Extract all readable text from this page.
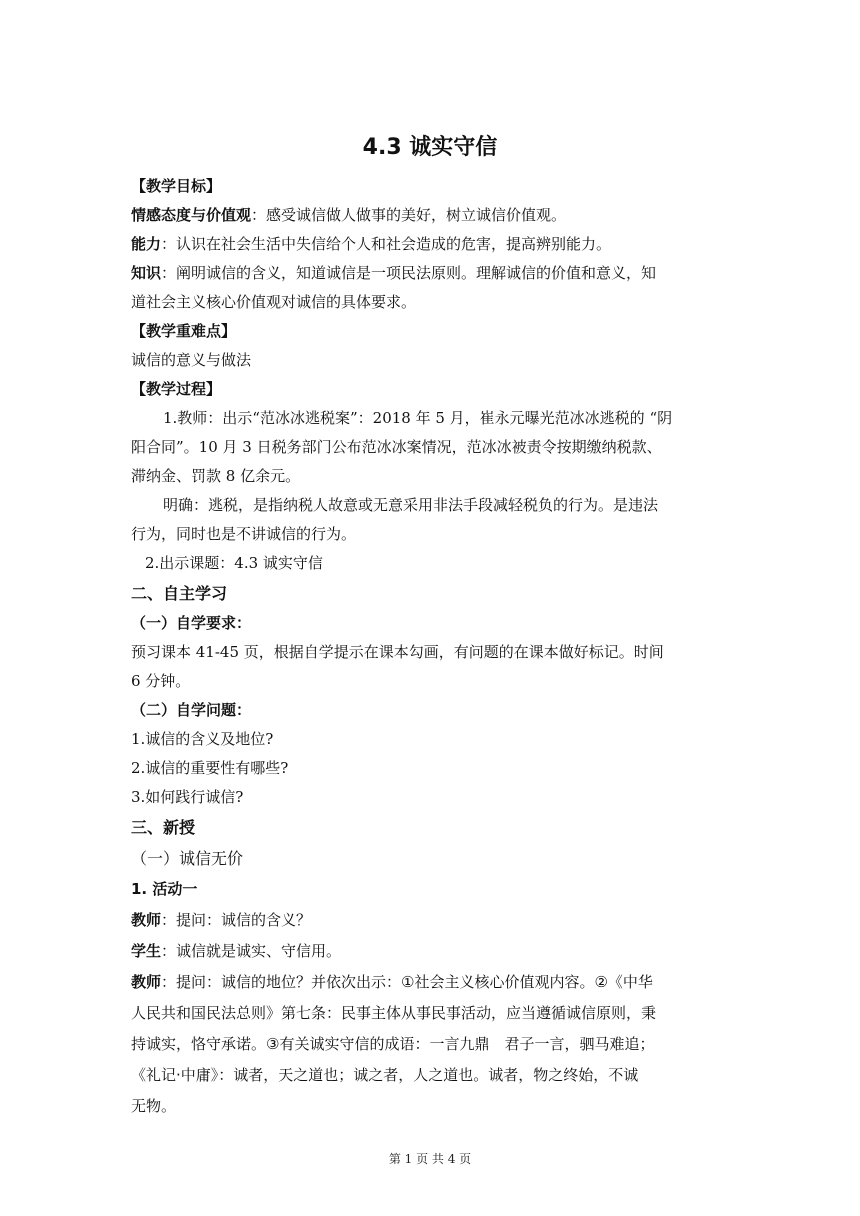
4.3 诚实守信
【教学目标】
情感态度与价值观：感受诚信做人做事的美好，树立诚信价值观。
能力：认识在社会生活中失信给个人和社会造成的危害，提高辨别能力。
知识：阐明诚信的含义，知道诚信是一项民法原则。理解诚信的价值和意义，知
道社会主义核心价值观对诚信的具体要求。
【教学重难点】
诚信的意义与做法
【教学过程】
1.教师：出示“范冰冰逃税案”：2018 年 5 月，崔永元曝光范冰冰逃税的 “阴
阳合同”。10 月 3 日税务部门公布范冰冰案情况，范冰冰被责令按期缴纳税款、
滞纳金、罚款 8 亿余元。
明确：逃税，是指纳税人故意或无意采用非法手段减轻税负的行为。是违法
行为，同时也是不讲诚信的行为。
2.出示课题：4.3 诚实守信
二、自主学习
（一）自学要求：
预习课本 41-45 页，根据自学提示在课本勾画，有问题的在课本做好标记。时间
6 分钟。
（二）自学问题：
1.诚信的含义及地位?
2.诚信的重要性有哪些?
3.如何践行诚信?
三、新授
（一）诚信无价
1. 活动一
教师：提问：诚信的含义？
学生：诚信就是诚实、守信用。
教师：提问：诚信的地位？并依次出示：①社会主义核心价值观内容。②《中华
人民共和国民法总则》第七条：民事主体从事民事活动，应当遵循诚信原则，秉
持诚实，恪守承诺。③有关诚实守信的成语：一言九鼎　君子一言，驷马难追；
《礼记·中庸》：诚者，天之道也；诚之者，人之道也。诚者，物之终始，不诚
无物。
第 1 页 共 4 页
